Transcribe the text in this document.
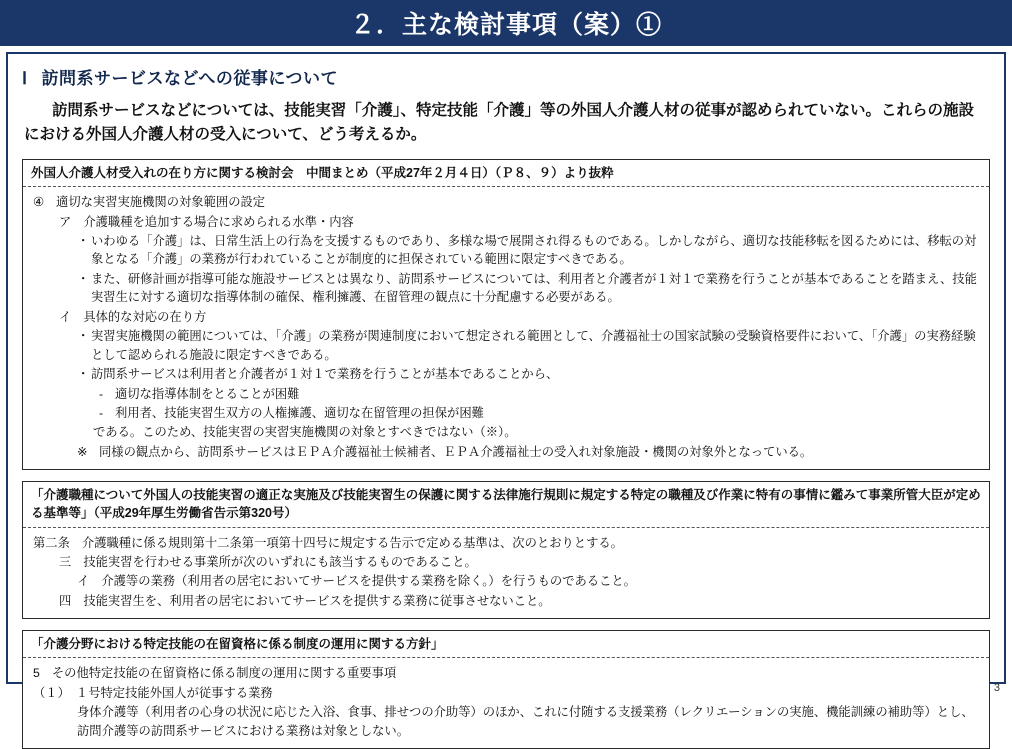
２．主な検討事項（案）①
Ⅰ 訪問系サービスなどへの従事について
訪問系サービスなどについては、技能実習「介護」、特定技能「介護」等の外国人介護人材の従事が認められていない。これらの施設における外国人介護人材の受入について、どう考えるか。
外国人介護人材受入れの在り方に関する検討会　中間まとめ（平成27年２月４日）（Ｐ８、９）より抜粋
④ 適切な実習実施機関の対象範囲の設定
ア 介護職種を追加する場合に求められる水準・内容
・ いわゆる「介護」は、日常生活上の行為を支援するものであり、多様な場で展開され得るものである。しかしながら、適切な技能移転を図るためには、移転の対象となる「介護」の業務が行われていることが制度的に担保されている範囲に限定すべきである。
・ また、研修計画が指導可能な施設サービスとは異なり、訪問系サービスについては、利用者と介護者が１対１で業務を行うことが基本であることを踏まえ、技能実習生に対する適切な指導体制の確保、権利擁護、在留管理の観点に十分配慮する必要がある。
イ 具体的な対応の在り方
・ 実習実施機関の範囲については、「介護」の業務が関連制度において想定される範囲として、介護福祉士の国家試験の受験資格要件において、「介護」の実務経験として認められる施設に限定すべきである。
・ 訪問系サービスは利用者と介護者が１対１で業務を行うことが基本であることから、
- 適切な指導体制をとることが困難
- 利用者、技能実習生双方の人権擁護、適切な在留管理の担保が困難
である。このため、技能実習の実習実施機関の対象とすべきではない（※）。
※ 同様の観点から、訪問系サービスはＥＰＡ介護福祉士候補者、ＥＰＡ介護福祉士の受入れ対象施設・機関の対象外となっている。
「介護職種について外国人の技能実習の適正な実施及び技能実習生の保護に関する法律施行規則に規定する特定の職種及び作業に特有の事情に鑑みて事業所管大臣が定める基準等」（平成29年厚生労働省告示第320号）
第二条 介護職種に係る規則第十二条第一項第十四号に規定する告示で定める基準は、次のとおりとする。
三 技能実習を行わせる事業所が次のいずれにも該当するものであること。
イ 介護等の業務（利用者の居宅においてサービスを提供する業務を除く。）を行うものであること。
四 技能実習生を、利用者の居宅においてサービスを提供する業務に従事させないこと。
「介護分野における特定技能の在留資格に係る制度の運用に関する方針」
5 その他特定技能の在留資格に係る制度の運用に関する重要事項
（１） １号特定技能外国人が従事する業務
身体介護等（利用者の心身の状況に応じた入浴、食事、排せつの介助等）のほか、これに付随する支援業務（レクリエーションの実施、機能訓練の補助等）とし、訪問介護等の訪問系サービスにおける業務は対象としない。
3
